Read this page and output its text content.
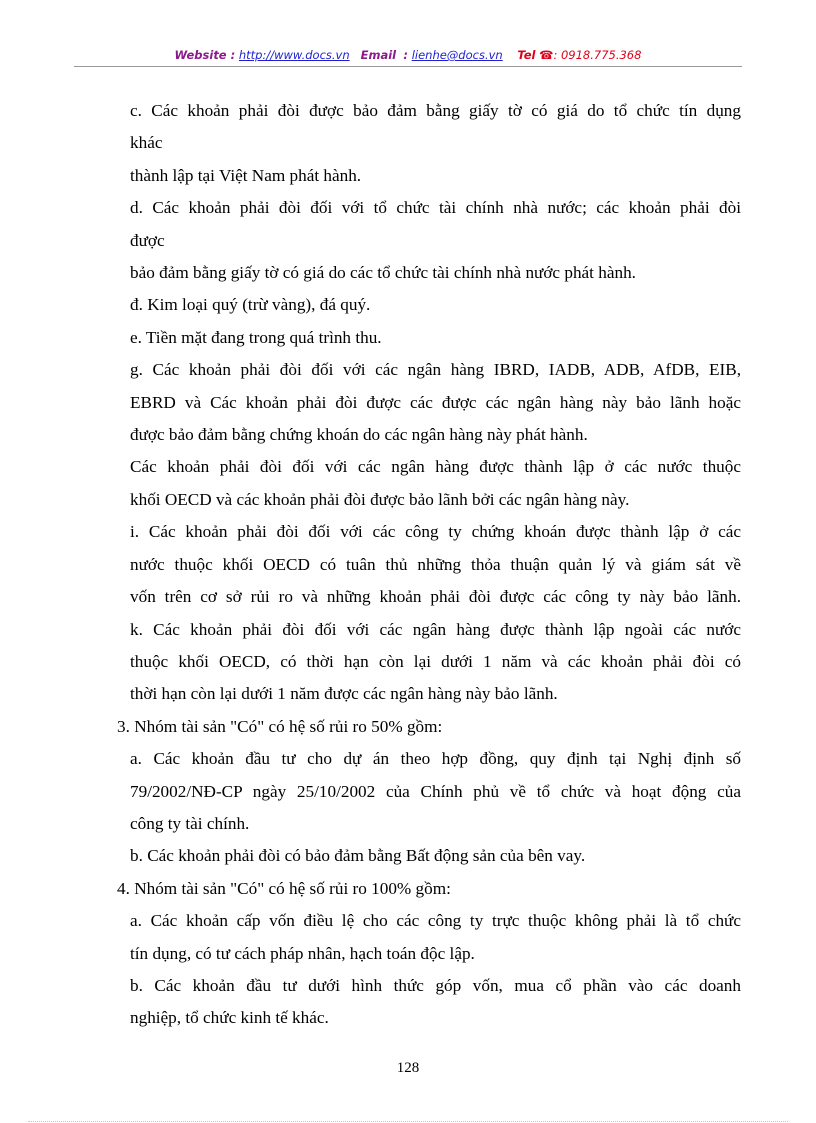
Website : http://www.docs.vn Email : lienhe@docs.vn Tel ☎: 0918.775.368
c. Các khoản phải đòi được bảo đảm bằng giấy tờ có giá do tổ chức tín dụng
khác
thành lập tại Việt Nam phát hành.
d. Các khoản phải đòi đối với tổ chức tài chính nhà nước; các khoản phải đòi
được
bảo đảm bằng giấy tờ có giá do các tổ chức tài chính nhà nước phát hành.
đ. Kim loại quý (trừ vàng), đá quý.
e. Tiền mặt đang trong quá trình thu.
g. Các khoản phải đòi đối với các ngân hàng IBRD, IADB, ADB, AfDB, EIB,
EBRD và Các khoản phải đòi được các được các ngân hàng này bảo lãnh hoặc
được bảo đảm bằng chứng khoán do các ngân hàng này phát hành.
Các khoản phải đòi đối với các ngân hàng được thành lập ở các nước thuộc
khối OECD và các khoản phải đòi được bảo lãnh bởi các ngân hàng này.
i. Các khoản phải đòi đối với các công ty chứng khoán được thành lập ở các
nước thuộc khối OECD có tuân thủ những thỏa thuận quản lý và giám sát về
vốn trên cơ sở rủi ro và những khoản phải đòi được các công ty này bảo lãnh.
k. Các khoản phải đòi đối với các ngân hàng được thành lập ngoài các nước
thuộc khối OECD, có thời hạn còn lại dưới 1 năm và các khoản phải đòi có
thời hạn còn lại dưới 1 năm được các ngân hàng này bảo lãnh.
3. Nhóm tài sản "Có" có hệ số rủi ro 50% gồm:
a. Các khoản đầu tư cho dự án theo hợp đồng, quy định tại Nghị định số
79/2002/NĐ-CP ngày 25/10/2002 của Chính phủ về tổ chức và hoạt động của
công ty tài chính.
b. Các khoản phải đòi có bảo đảm bằng Bất động sản của bên vay.
4. Nhóm tài sản "Có" có hệ số rủi ro 100% gồm:
a. Các khoản cấp vốn điều lệ cho các công ty trực thuộc không phải là tổ chức
tín dụng, có tư cách pháp nhân, hạch toán độc lập.
b. Các khoản đầu tư dưới hình thức góp vốn, mua cổ phần vào các doanh
nghiệp, tổ chức kinh tế khác.
128
